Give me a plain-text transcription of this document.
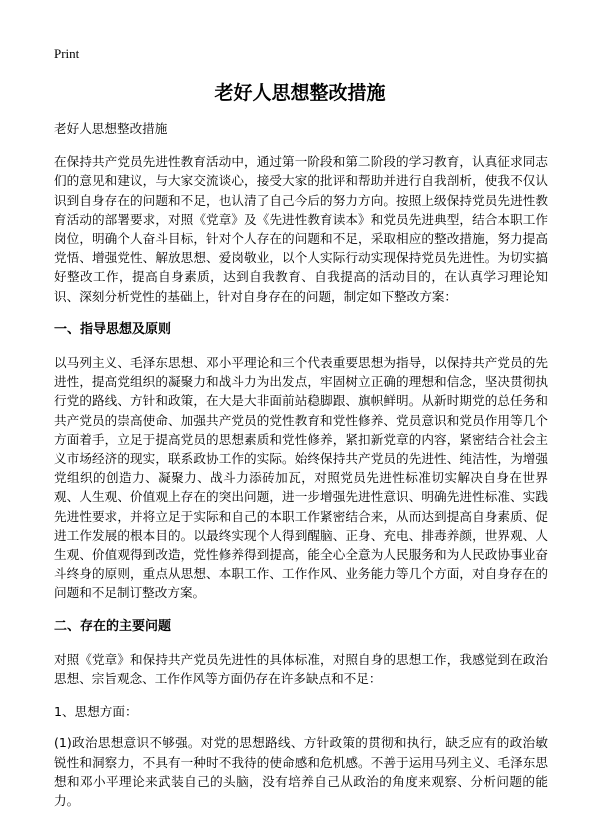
Print
老好人思想整改措施

老好人思想整改措施

在保持共产党员先进性教育活动中，通过第一阶段和第二阶段的学习教育，认真征求同志们的意见和建议，与大家交流谈心，接受大家的批评和帮助并进行自我剖析，使我不仅认识到自身存在的问题和不足，也认清了自己今后的努力方向。按照上级保持党员先进性教育活动的部署要求，对照《党章》及《先进性教育读本》和党员先进典型，结合本职工作岗位，明确个人奋斗目标，针对个人存在的问题和不足，采取相应的整改措施，努力提高党悟、增强党性、解放思想、爱岗敬业，以个人实际行动实现保持党员先进性。为切实搞好整改工作，提高自身素质，达到自我教育、自我提高的活动目的，在认真学习理论知识、深刻分析党性的基础上，针对自身存在的问题，制定如下整改方案：

一、指导思想及原则

以马列主义、毛泽东思想、邓小平理论和三个代表重要思想为指导，以保持共产党员的先进性，提高党组织的凝聚力和战斗力为出发点，牢固树立正确的理想和信念，坚决贯彻执行党的路线、方针和政策，在大是大非面前站稳脚跟、旗帜鲜明。从新时期党的总任务和共产党员的崇高使命、加强共产党员的党性教育和党性修养、党员意识和党员作用等几个方面着手，立足于提高党员的思想素质和党性修养，紧扣新党章的内容，紧密结合社会主义市场经济的现实，联系政协工作的实际。始终保持共产党员的先进性、纯洁性，为增强党组织的创造力、凝聚力、战斗力添砖加瓦，对照党员先进性标准切实解决自身在世界观、人生观、价值观上存在的突出问题，进一步增强先进性意识、明确先进性标准、实践先进性要求，并将立足于实际和自己的本职工作紧密结合来，从而达到提高自身素质、促进工作发展的根本目的。以最终实现个人得到醒脑、正身、充电、排毒养颜，世界观、人生观、价值观得到改造，党性修养得到提高，能全心全意为人民服务和为人民政协事业奋斗终身的原则，重点从思想、本职工作、工作作风、业务能力等几个方面，对自身存在的问题和不足制订整改方案。

二、存在的主要问题

对照《党章》和保持共产党员先进性的具体标准，对照自身的思想工作，我感觉到在政治思想、宗旨观念、工作作风等方面仍存在许多缺点和不足：

1、思想方面：

(1)政治思想意识不够强。对党的思想路线、方针政策的贯彻和执行，缺乏应有的政治敏锐性和洞察力，不具有一种时不我待的使命感和危机感。不善于运用马列主义、毛泽东思想和邓小平理论来武装自己的头脑，没有培养自己从政治的角度来观察、分析问题的能力。
